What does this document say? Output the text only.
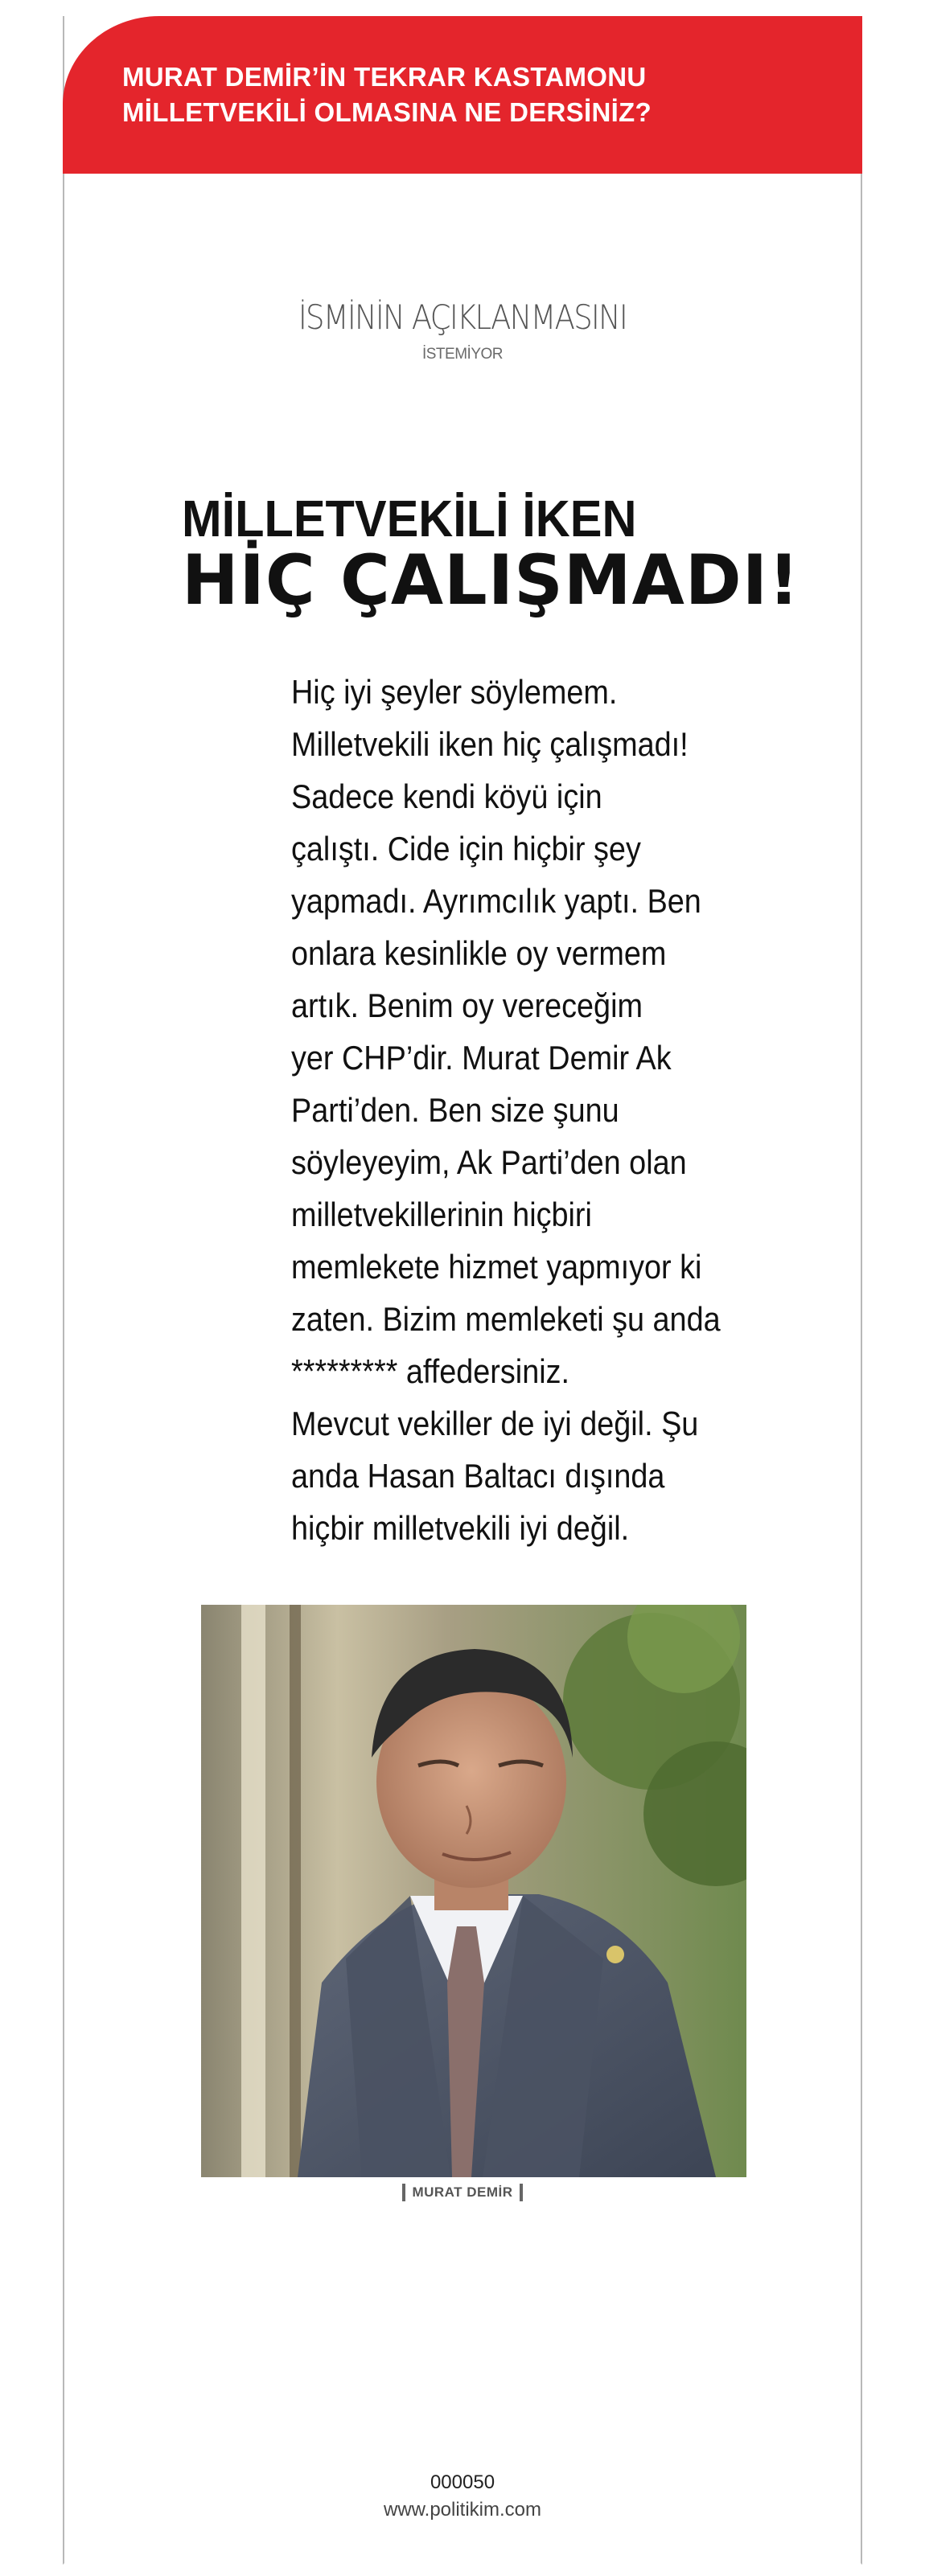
MURAT DEMİR’İN TEKRAR KASTAMONU
MİLLETVEKİLİ OLMASINA NE DERSİNİZ?
İSMİNİN AÇIKLANMASINI
İSTEMİYOR
MİLLETVEKİLİ İKEN
HİÇ ÇALIŞMADI!
Hiç iyi şeyler söylemem.
Milletvekili iken hiç çalışmadı!
Sadece kendi köyü için
çalıştı. Cide için hiçbir şey
yapmadı. Ayrımcılık yaptı. Ben
onlara kesinlikle oy vermem
artık. Benim oy vereceğim
yer CHP’dir. Murat Demir Ak
Parti’den. Ben size şunu
söyleyeyim, Ak Parti’den olan
milletvekillerinin hiçbiri
memlekete hizmet yapmıyor ki
zaten. Bizim memleketi şu anda
********* affedersiniz.
Mevcut vekiller de iyi değil. Şu
anda Hasan Baltacı dışında
hiçbir milletvekili iyi değil.
MURAT DEMİR
000050
www.politikim.com
